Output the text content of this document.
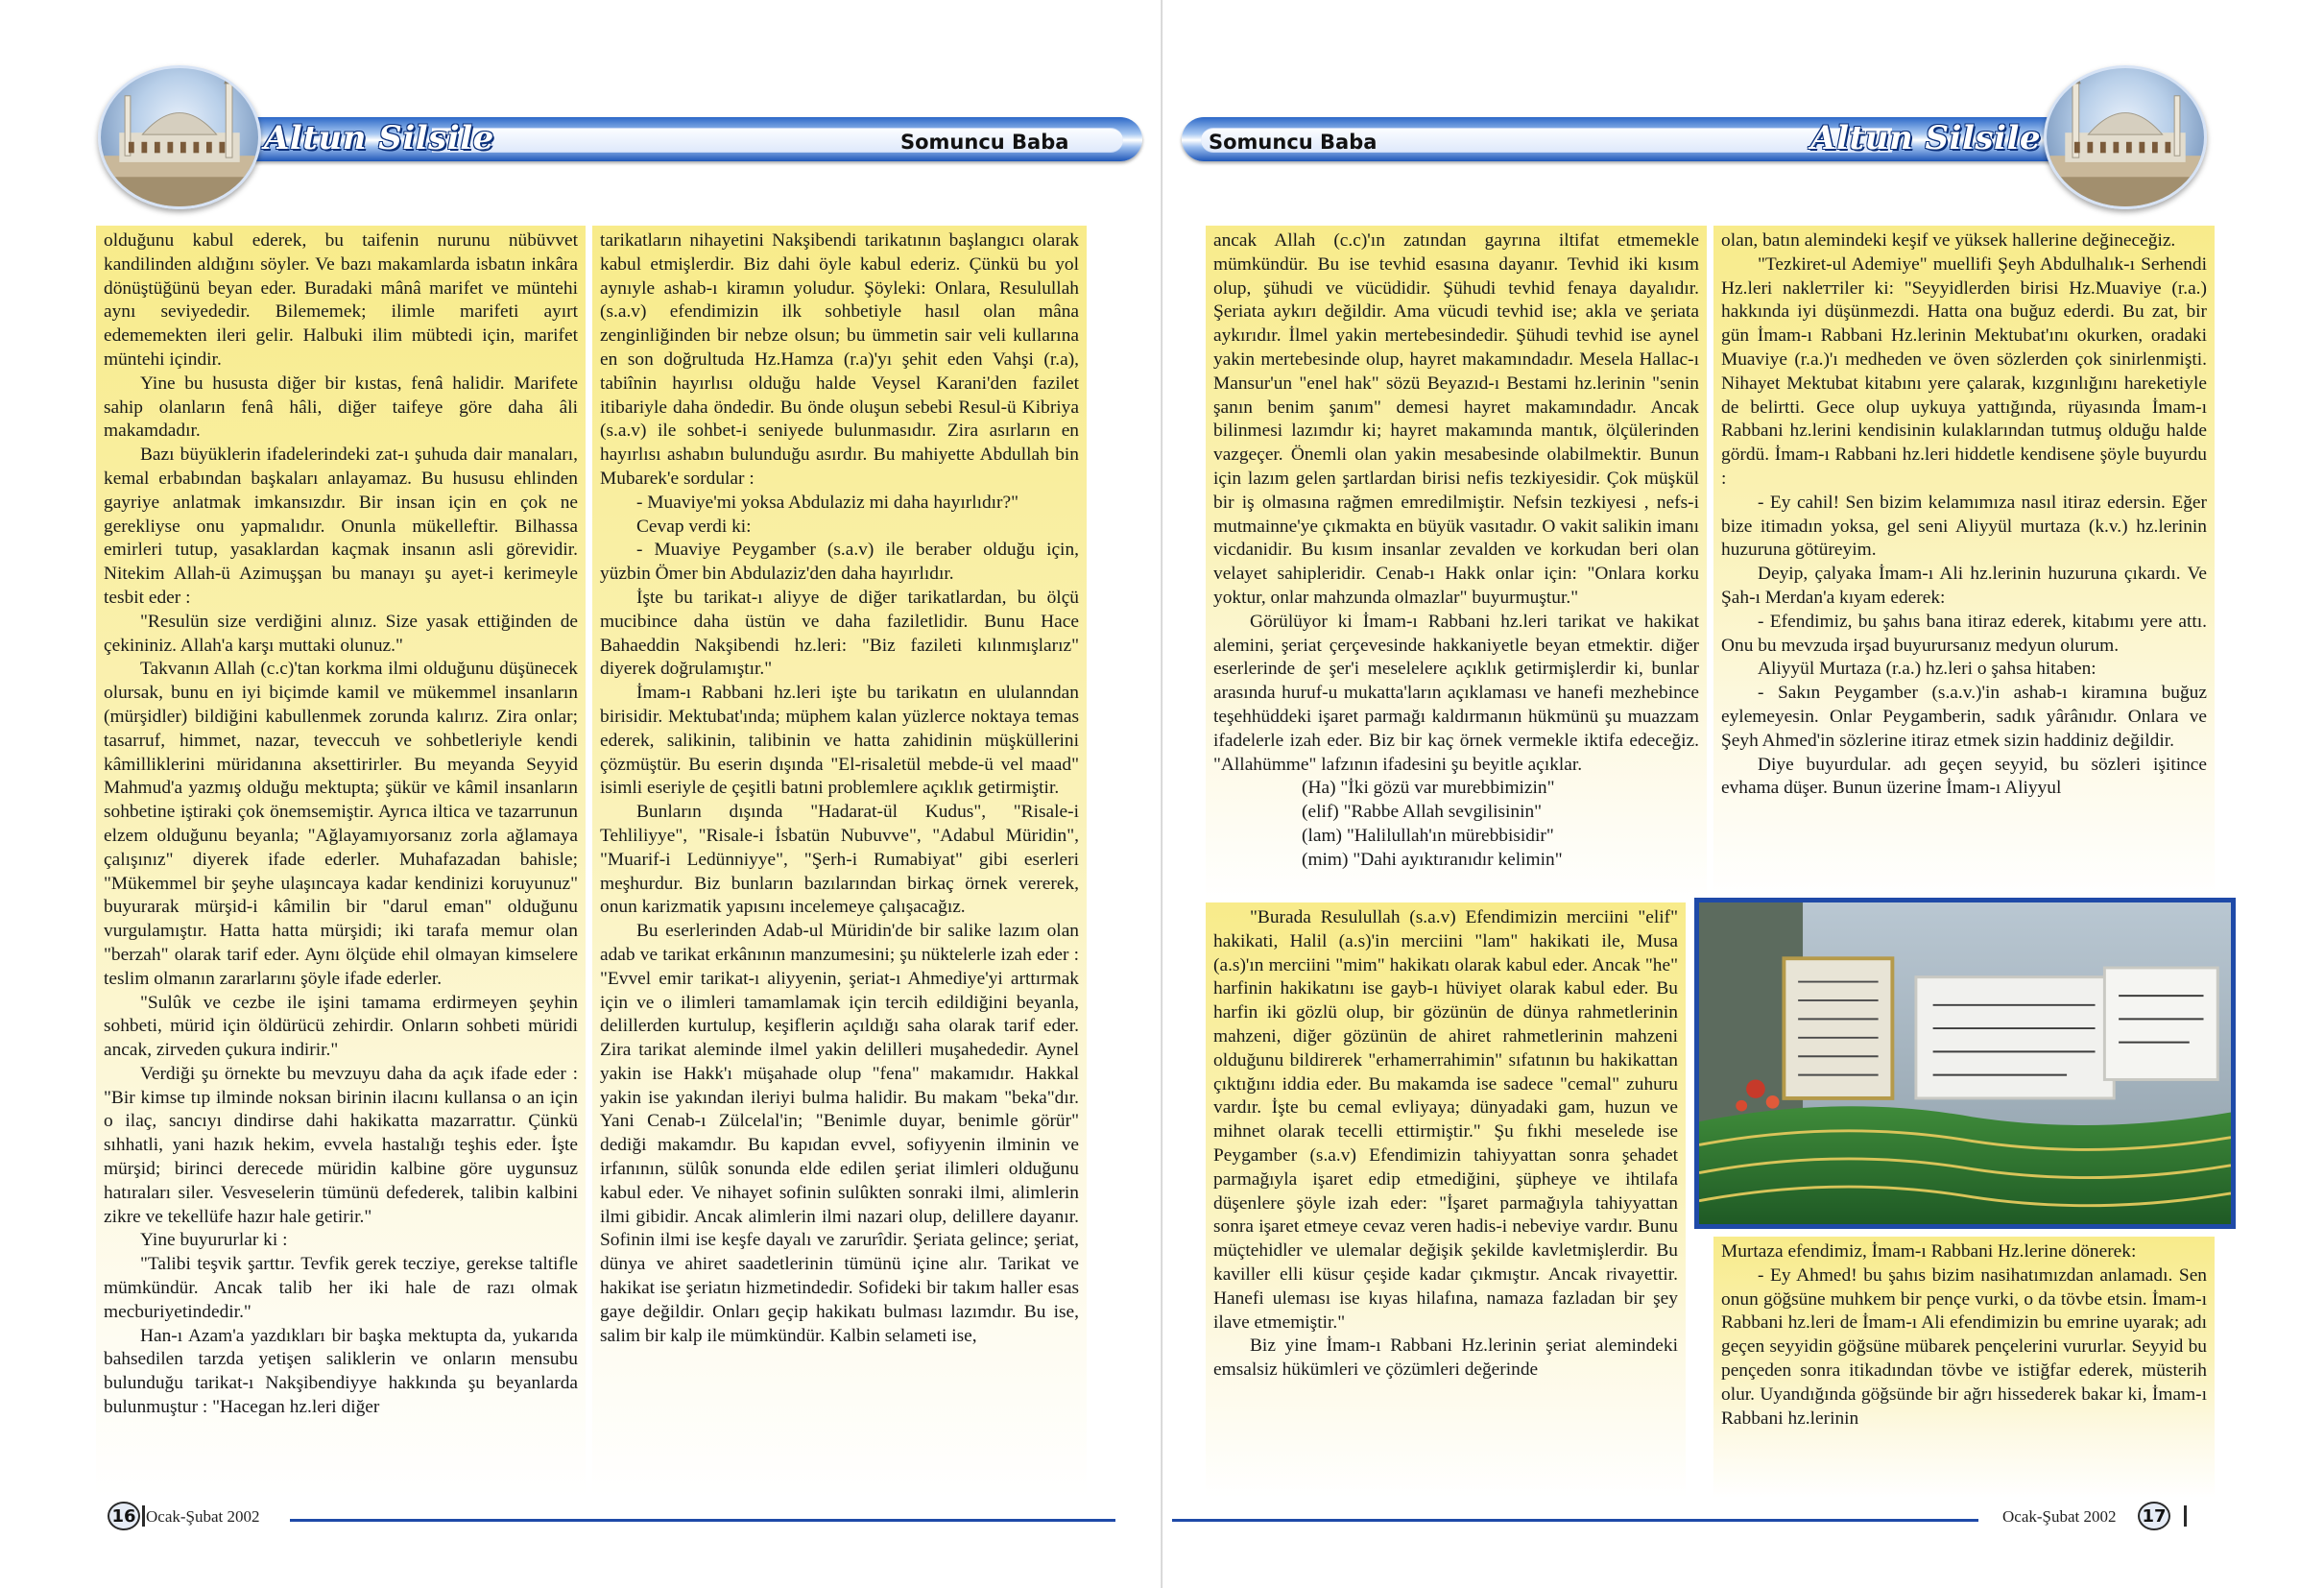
Altun Silsile	Somuncu Baba

olduğunu kabul ederek, bu taifenin nurunu nübüvvet kandilinden aldığını söyler. Ve bazı makamlarda isbatın inkâra dönüştüğünü beyan eder. Buradaki mânâ marifet ve müntehi aynı seviyededir. Bilememek; ilimle marifeti ayırt edememekten ileri gelir. Halbuki ilim mübtedi için, marifet müntehi içindir.

Yine bu hususta diğer bir kıstas, fenâ halidir. Marifete sahip olanların fenâ hâli, diğer taifeye göre daha âli makamdadır.

Bazı büyüklerin ifadelerindeki zat-ı şuhuda dair manaları, kemal erbabından başkaları anlayamaz. Bu hususu ehlinden gayriye anlatmak imkansızdır. Bir insan için en çok ne gerekliyse onu yapmalıdır. Onunla mükelleftir. Bilhassa emirleri tutup, yasaklardan kaçmak insanın asli görevidir. Nitekim Allah-ü Azimuşşan bu manayı şu ayet-i kerimeyle tesbit eder :

"Resulün size verdiğini alınız. Size yasak ettiğinden de çekininiz. Allah'a karşı muttaki olunuz."

Takvanın Allah (c.c)'tan korkma ilmi olduğunu düşünecek olursak, bunu en iyi biçimde kamil ve mükemmel insanların (mürşidler) bildiğini kabullenmek zorunda kalırız. Zira onlar; tasarruf, himmet, nazar, teveccuh ve sohbetleriyle kendi kâmilliklerini müridanına aksettirirler. Bu meyanda Seyyid Mahmud'a yazmış olduğu mektupta; şükür ve kâmil insanların sohbetine iştiraki çok önemsemiştir. Ayrıca iltica ve tazarrunun elzem olduğunu beyanla; "Ağlayamıyorsanız zorla ağlamaya çalışınız" diyerek ifade ederler. Muhafazadan bahisle; "Mükemmel bir şeyhe ulaşıncaya kadar kendinizi koruyunuz" buyurarak mürşid-i kâmilin bir "darul eman" olduğunu vurgulamıştır. Hatta hatta mürşidi; iki tarafa memur olan "berzah" olarak tarif eder. Aynı ölçüde ehil olmayan kimselere teslim olmanın zararlarını şöyle ifade ederler.

"Sulûk ve cezbe ile işini tamama erdirmeyen şeyhin sohbeti, mürid için öldürücü zehirdir. Onların sohbeti müridi ancak, zirveden çukura indirir."

Verdiği şu örnekte bu mevzuyu daha da açık ifade eder : "Bir kimse tıp ilminde noksan birinin ilacını kullansa o an için o ilaç, sancıyı dindirse dahi hakikatta mazarrattır. Çünkü sıhhatli, yani hazık hekim, evvela hastalığı teşhis eder. İşte mürşid; birinci derecede müridin kalbine göre uygunsuz hatıraları siler. Vesveselerin tümünü defederek, talibin kalbini zikre ve tekellüfe hazır hale getirir."

Yine buyururlar ki :

"Talibi teşvik şarttır. Tevfik gerek tecziye, gerekse taltifle mümkündür. Ancak talib her iki hale de razı olmak mecburiyetindedir."

Han-ı Azam'a yazdıkları bir başka mektupta da, yukarıda bahsedilen tarzda yetişen saliklerin ve onların mensubu bulunduğu tarikat-ı Nakşibendiyye hakkında şu beyanlarda bulunmuştur : "Hacegan hz.leri diğer

tarikatların nihayetini Nakşibendi tarikatının başlangıcı olarak kabul etmişlerdir. Biz dahi öyle kabul ederiz. Çünkü bu yol aynıyle ashab-ı kiramın yoludur. Şöyleki: Onlara, Resulullah (s.a.v) efendimizin ilk sohbetiyle hasıl olan mâna zenginliğinden bir nebze olsun; bu ümmetin sair veli kullarına en son doğrultuda Hz.Hamza (r.a)'yı şehit eden Vahşi (r.a), tabiînin hayırlısı olduğu halde Veysel Karani'den fazilet itibariyle daha öndedir. Bu önde oluşun sebebi Resul-ü Kibriya (s.a.v) ile sohbet-i seniyede bulunmasıdır. Zira asırların en hayırlısı ashabın bulunduğu asırdır. Bu mahiyette Abdullah bin Mubarek'e sordular :

- Muaviye'mi yoksa Abdulaziz mi daha hayırlıdır?"

Cevap verdi ki:

- Muaviye Peygamber (s.a.v) ile beraber olduğu için, yüzbin Ömer bin Abdulaziz'den daha hayırlıdır.

İşte bu tarikat-ı aliyye de diğer tarikatlardan, bu ölçü mucibince daha üstün ve daha faziletlidir. Bunu Hace Bahaeddin Nakşibendi hz.leri: "Biz fazileti kılınmışlarız" diyerek doğrulamıştır."

İmam-ı Rabbani hz.leri işte bu tarikatın en ululanndan birisidir. Mektubat'ında; müphem kalan yüzlerce noktaya temas ederek, salikinin, talibinin ve hatta zahidinin müşküllerini çözmüştür. Bu eserin dışında "El-risaletül mebde-ü vel maad" isimli eseriyle de çeşitli batıni problemlere açıklık getirmiştir.

Bunların dışında "Hadarat-ül Kudus", "Risale-i Tehliliyye", "Risale-i İsbatün Nubuvve", "Adabul Müridin", "Muarif-i Ledünniyye", "Şerh-i Rumabiyat" gibi eserleri meşhurdur. Biz bunların bazılarından birkaç örnek vererek, onun karizmatik yapısını incelemeye çalışacağız.

Bu eserlerinden Adab-ul Müridin'de bir salike lazım olan adab ve tarikat erkânının manzumesini; şu nüktelerle izah eder : "Evvel emir tarikat-ı aliyyenin, şeriat-ı Ahmediye'yi arttırmak için ve o ilimleri tamamlamak için tercih edildiğini beyanla, delillerden kurtulup, keşiflerin açıldığı saha olarak tarif eder. Zira tarikat aleminde ilmel yakin delilleri muşahededir. Aynel yakin ise Hakk'ı müşahade olup "fena" makamıdır. Hakkal yakin ise yakından ileriyi bulma halidir. Bu makam "beka"dır. Yani Cenab-ı Zülcelal'in; "Benimle duyar, benimle görür" dediği makamdır. Bu kapıdan evvel, sofiyyenin ilminin ve irfanının, sülûk sonunda elde edilen şeriat ilimleri olduğunu kabul eder. Ve nihayet sofinin sulûkten sonraki ilmi, alimlerin ilmi gibidir. Ancak alimlerin ilmi nazari olup, delillere dayanır. Sofinin ilmi ise keşfe dayalı ve zarurîdir. Şeriata gelince; şeriat, dünya ve ahiret saadetlerinin tümünü içine alır. Tarikat ve hakikat ise şeriatın hizmetindedir. Sofideki bir takım haller esas gaye değildir. Onları geçip hakikatı bulması lazımdır. Bu ise, salim bir kalp ile mümkündür. Kalbin selameti ise,

16 Ocak-Şubat 2002
Somuncu Baba	Altun Silsile

ancak Allah (c.c)'ın zatından gayrına iltifat etmemekle mümkündür. Bu ise tevhid esasına dayanır. Tevhid iki kısım olup, şühudi ve vücüdidir. Şühudi tevhid fenaya dayalıdır. Şeriata aykırı değildir. Ama vücudi tevhid ise; akla ve şeriata aykırıdır. İlmel yakin mertebesindedir. Şühudi tevhid ise aynel yakin mertebesinde olup, hayret makamındadır. Mesela Hallac-ı Mansur'un "enel hak" sözü Beyazıd-ı Bestami hz.lerinin "senin şanın benim şanım" demesi hayret makamındadır. Ancak bilinmesi lazımdır ki; hayret makamında mantık, ölçülerinden vazgeçer. Önemli olan yakin mesabesinde olabilmektir. Bunun için lazım gelen şartlardan birisi nefis tezkiyesidir. Çok müşkül bir iş olmasına rağmen emredilmiştir. Nefsin tezkiyesi , nefs-i mutmainne'ye çıkmakta en büyük vasıtadır. O vakit salikin imanı vicdanidir. Bu kısım insanlar zevalden ve korkudan beri olan velayet sahipleridir. Cenab-ı Hakk onlar için: "Onlara korku yoktur, onlar mahzunda olmazlar" buyurmuştur."

Görülüyor ki İmam-ı Rabbani hz.leri tarikat ve hakikat alemini, şeriat çerçevesinde hakkaniyetle beyan etmektir. diğer eserlerinde de şer'i meselelere açıklık getirmişlerdir ki, bunlar arasında huruf-u mukatta'ların açıklaması ve hanefi mezhebince teşehhüddeki işaret parmağı kaldırmanın hükmünü şu muazzam ifadelerle izah eder. Biz bir kaç örnek vermekle iktifa edeceğiz. "Allahümme" lafzının ifadesini şu beyitle açıklar.

(Ha) "İki gözü var murebbimizin"

(elif) "Rabbe Allah sevgilisinin"

(lam) "Halilullah'ın mürebbisidir"

(mim) "Dahi ayıktıranıdır kelimin"

"Burada Resulullah (s.a.v) Efendimizin merciini "elif" hakikati, Halil (a.s)'in merciini "lam" hakikati ile, Musa (a.s)'ın merciini "mim" hakikatı olarak kabul eder. Ancak "he" harfinin hakikatını ise gayb-ı hüviyet olarak kabul eder. Bu harfin iki gözlü olup, bir gözünün de dünya rahmetlerinin mahzeni, diğer gözünün de ahiret rahmetlerinin mahzeni olduğunu bildirerek "erhamerrahimin" sıfatının bu hakikattan çıktığını iddia eder. Bu makamda ise sadece "cemal" zuhuru vardır. İşte bu cemal evliyaya; dünyadaki gam, huzun ve mihnet olarak tecelli ettirmiştir." Şu fıkhi meselede ise Peygamber (s.a.v) Efendimizin tahiyyattan sonra şehadet parmağıyla işaret edip etmediğini, şüpheye ve ihtilafa düşenlere şöyle izah eder: "İşaret parmağıyla tahiyyattan sonra işaret etmeye cevaz veren hadis-i nebeviye vardır. Bunu müçtehidler ve ulemalar değişik şekilde kavletmişlerdir. Bu kaviller elli küsur çeşide kadar çıkmıştır. Ancak rivayettir. Hanefi uleması ise kıyas hilafına, namaza fazladan bir şey ilave etmemiştir."

Biz yine İmam-ı Rabbani Hz.lerinin şeriat alemindeki emsalsiz hükümleri ve çözümleri değerinde

olan, batın alemindeki keşif ve yüksek hallerine değineceğiz.

"Tezkiret-ul Ademiye" muellifi Şeyh Abdulhalık-ı Serhendi Hz.leri nakleттiler ki: "Seyyidlerden birisi Hz.Muaviye (r.a.) hakkında iyi düşünmezdi. Hatta ona buğuz ederdi. Bu zat, bir gün İmam-ı Rabbani Hz.lerinin Mektubat'ını okurken, oradaki Muaviye (r.a.)'ı medheden ve öven sözlerden çok sinirlenmişti. Nihayet Mektubat kitabını yere çalarak, kızgınlığını hareketiyle de belirtti. Gece olup uykuya yattığında, rüyasında İmam-ı Rabbani hz.lerini kendisinin kulaklarından tutmuş olduğu halde gördü. İmam-ı Rabbani hz.leri hiddetle kendisene şöyle buyurdu :

- Ey cahil! Sen bizim kelamımıza nasıl itiraz edersin. Eğer bize itimadın yoksa, gel seni Aliyyül murtaza (k.v.) hz.lerinin huzuruna götüreyim.

Deyip, çalyaka İmam-ı Ali hz.lerinin huzuruna çıkardı. Ve Şah-ı Merdan'a kıyam ederek:

- Efendimiz, bu şahıs bana itiraz ederek, kitabımı yere attı. Onu bu mevzuda irşad buyurursanız medyun olurum.

Aliyyül Murtaza (r.a.) hz.leri o şahsa hitaben:

- Sakın Peygamber (s.a.v.)'in ashab-ı kiramına buğuz eylemeyesin. Onlar Peygamberin, sadık yârânıdır. Onlara ve Şeyh Ahmed'in sözlerine itiraz etmek sizin haddiniz değildir.

Diye buyurdular. adı geçen seyyid, bu sözleri işitince evhama düşer. Bunun üzerine İmam-ı Aliyyul

Murtaza efendimiz, İmam-ı Rabbani Hz.lerine dönerek:

- Ey Ahmed! bu şahıs bizim nasihatımızdan anlamadı. Sen onun göğsüne muhkem bir pençe vurki, o da tövbe etsin. İmam-ı Rabbani hz.leri de İmam-ı Ali efendimizin bu emrine uyarak; adı geçen seyyidin göğsüne mübarek pençelerini vururlar. Seyyid bu pençeden sonra itikadından tövbe ve istiğfar ederek, müsterih olur. Uyandığında göğsünde bir ağrı hissederek bakar ki, İmam-ı Rabbani hz.lerinin

Ocak-Şubat 2002 17
